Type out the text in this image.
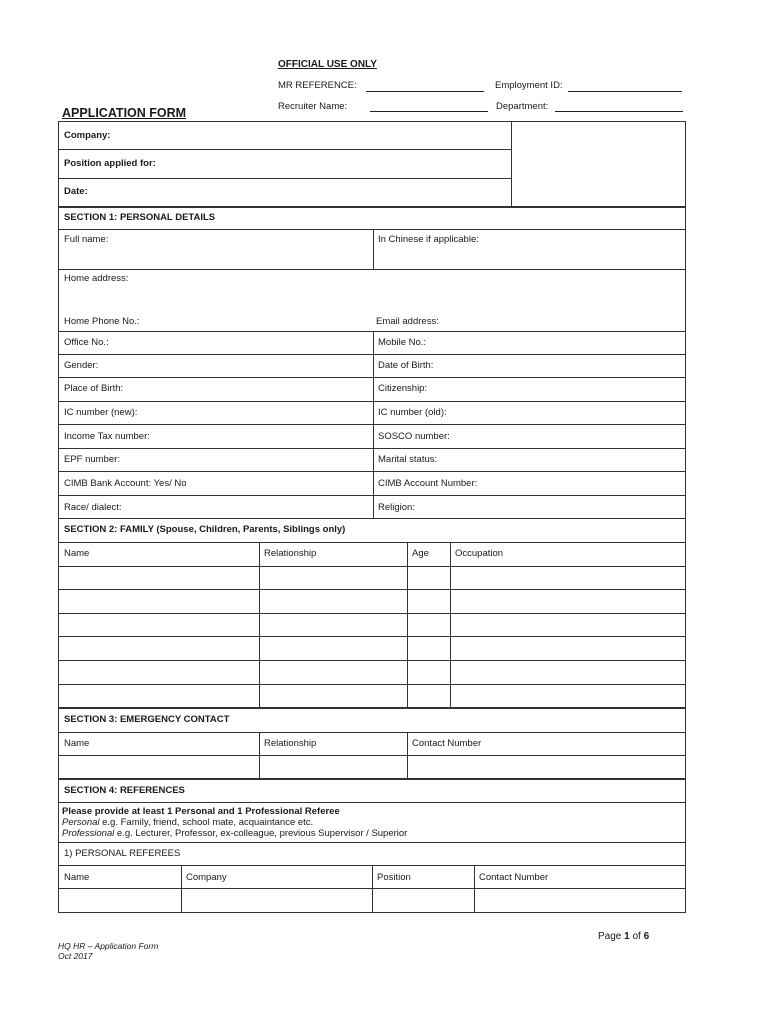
OFFICIAL USE ONLY
MR REFERENCE:	Employment ID:
Recruiter Name:	Department:
APPLICATION FORM
Company:
Position applied for:
Date:
SECTION 1: PERSONAL DETAILS
Full name:	In Chinese if applicable:
Home address:
Home Phone No.:	Email address:
Office No.:	Mobile No.:
Gender:	Date of Birth:
Place of Birth:	Citizenship:
IC number (new):	IC number (old):
Income Tax number:	SOSCO number:
EPF number:	Marital status:
CIMB Bank Account: Yes/ No	CIMB Account Number:
Race/ dialect:	Religion:
SECTION 2: FAMILY (Spouse, Children, Parents, Siblings only)
Name	Relationship	Age	Occupation
SECTION 3: EMERGENCY CONTACT
Name	Relationship	Contact Number
SECTION 4: REFERENCES
Please provide at least 1 Personal and 1 Professional Referee
Personal e.g. Family, friend, school mate, acquaintance etc.
Professional e.g. Lecturer, Professor, ex-colleague, previous Supervisor / Superior
1) PERSONAL REFEREES
Name	Company	Position	Contact Number
HQ HR – Application Form
Oct 2017
Page 1 of 6
